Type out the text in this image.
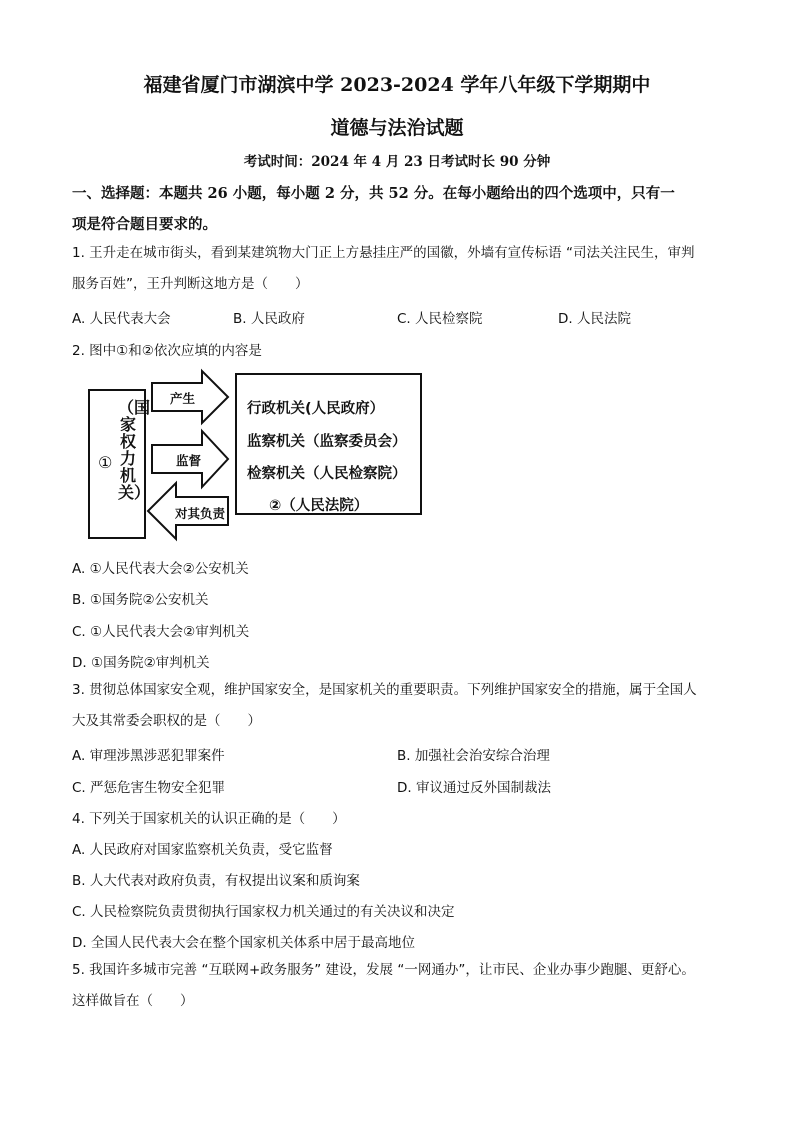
福建省厦门市湖滨中学 2023-2024 学年八年级下学期期中
道德与法治试题
考试时间：2024 年 4 月 23 日考试时长 90 分钟
一、选择题：本题共 26 小题，每小题 2 分，共 52 分。在每小题给出的四个选项中，只有一
项是符合题目要求的。
1. 王升走在城市街头，看到某建筑物大门正上方悬挂庄严的国徽，外墙有宣传标语 “司法关注民生，审判
服务百姓”，王升判断这地方是（　　）
A. 人民代表大会	B. 人民政府	C. 人民检察院	D. 人民法院
2. 图中①和②依次应填的内容是
①
（国家权力机关）
产生
监督
对其负责
行政机关(人民政府）
监察机关（监察委员会）
检察机关（人民检察院）
②（人民法院）
A. ①人民代表大会②公安机关
B. ①国务院②公安机关
C. ①人民代表大会②审判机关
D. ①国务院②审判机关
3. 贯彻总体国家安全观，维护国家安全，是国家机关的重要职责。下列维护国家安全的措施，属于全国人
大及其常委会职权的是（　　）
A. 审理涉黑涉恶犯罪案件	B. 加强社会治安综合治理
C. 严惩危害生物安全犯罪	D. 审议通过反外国制裁法
4. 下列关于国家机关的认识正确的是（　　）
A. 人民政府对国家监察机关负责，受它监督
B. 人大代表对政府负责，有权提出议案和质询案
C. 人民检察院负责贯彻执行国家权力机关通过的有关决议和决定
D. 全国人民代表大会在整个国家机关体系中居于最高地位
5. 我国许多城市完善 “互联网+政务服务” 建设，发展 “一网通办”，让市民、企业办事少跑腿、更舒心。
这样做旨在（　　）
